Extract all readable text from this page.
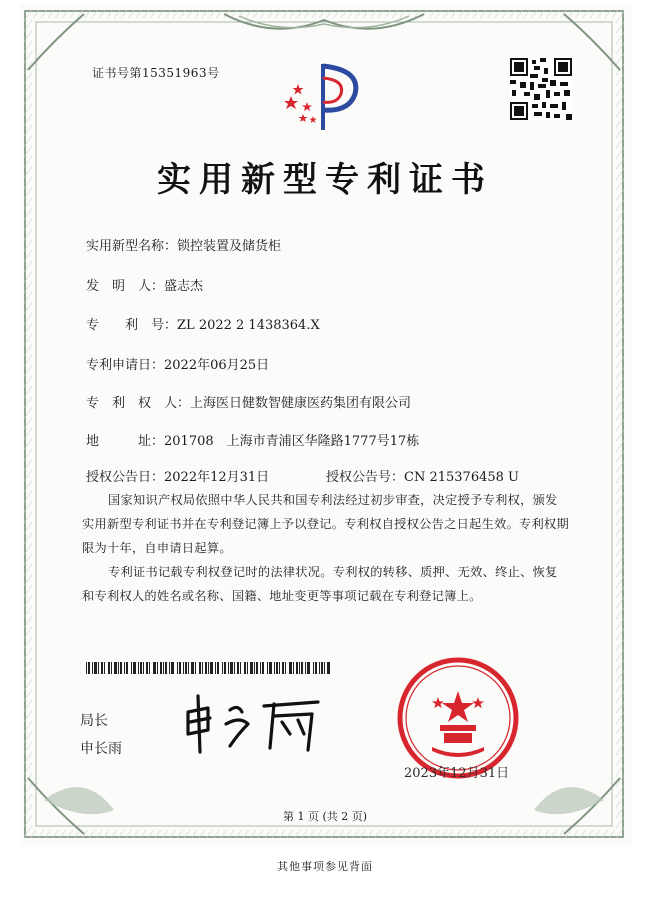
证书号第15351963号
实用新型专利证书
实用新型名称：锁控装置及储货柜
发　明　人：盛志杰
专　　利　号：ZL 2022 2 1438364.X
专利申请日：2022年06月25日
专　利　权　人：上海医日健数智健康医药集团有限公司
地　　　址：201708　上海市青浦区华隆路1777号17栋
授权公告日：2022年12月31日	授权公告号：CN 215376458 U
国家知识产权局依照中华人民共和国专利法经过初步审查，决定授予专利权，颁发实用新型专利证书并在专利登记簿上予以登记。专利权自授权公告之日起生效。专利权期限为十年，自申请日起算。
专利证书记载专利权登记时的法律状况。专利权的转移、质押、无效、终止、恢复和专利权人的姓名或名称、国籍、地址变更等事项记载在专利登记簿上。
局长
申长雨
2023年12月31日
第 1 页 (共 2 页)
其他事项参见背面
